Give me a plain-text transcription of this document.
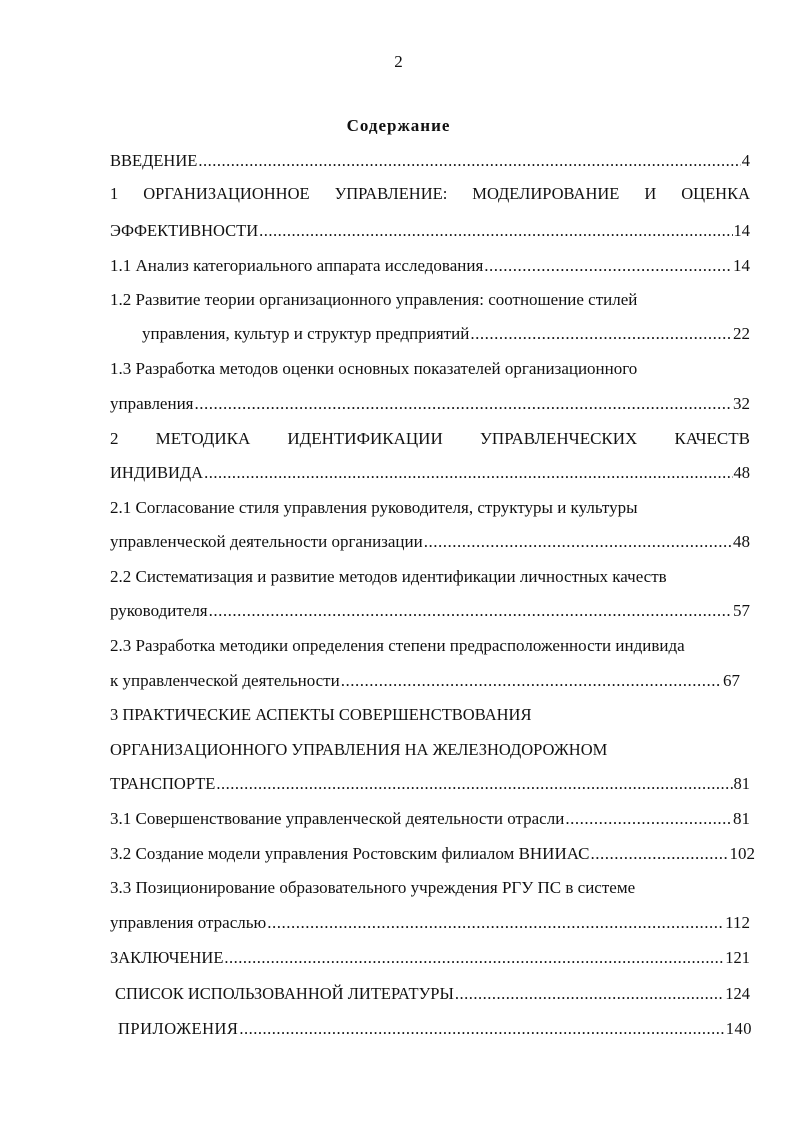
2
Содержание
ВВЕДЕНИЕ .....	4
1 ОРГАНИЗАЦИОННОЕ УПРАВЛЕНИЕ: МОДЕЛИРОВАНИЕ И ОЦЕНКА
ЭФФЕКТИВНОСТИ .....	14
1.1 Анализ категориального аппарата исследования .....	14
1.2 Развитие теории организационного управления: соотношение стилей
управления, культур и структур предприятий .....	22
1.3 Разработка методов оценки основных показателей организационного
управления .....	32
2 МЕТОДИКА ИДЕНТИФИКАЦИИ УПРАВЛЕНЧЕСКИХ КАЧЕСТВ
ИНДИВИДА .....	48
2.1 Согласование стиля управления руководителя, структуры и культуры
управленческой деятельности организации .....	48
2.2 Систематизация и развитие методов идентификации личностных качеств
руководителя .....	57
2.3 Разработка методики определения степени предрасположенности индивида
к управленческой деятельности .....	67
3 ПРАКТИЧЕСКИЕ АСПЕКТЫ СОВЕРШЕНСТВОВАНИЯ
ОРГАНИЗАЦИОННОГО УПРАВЛЕНИЯ НА ЖЕЛЕЗНОДОРОЖНОМ
ТРАНСПОРТЕ .....	81
3.1 Совершенствование управленческой деятельности отрасли .....	81
3.2 Создание модели управления Ростовским филиалом ВНИИАС .....	102
3.3 Позиционирование образовательного учреждения РГУ ПС в системе
управления отраслью .....	112
ЗАКЛЮЧЕНИЕ .....	121
СПИСОК ИСПОЛЬЗОВАННОЙ ЛИТЕРАТУРЫ .....	124
ПРИЛОЖЕНИЯ .....	140
